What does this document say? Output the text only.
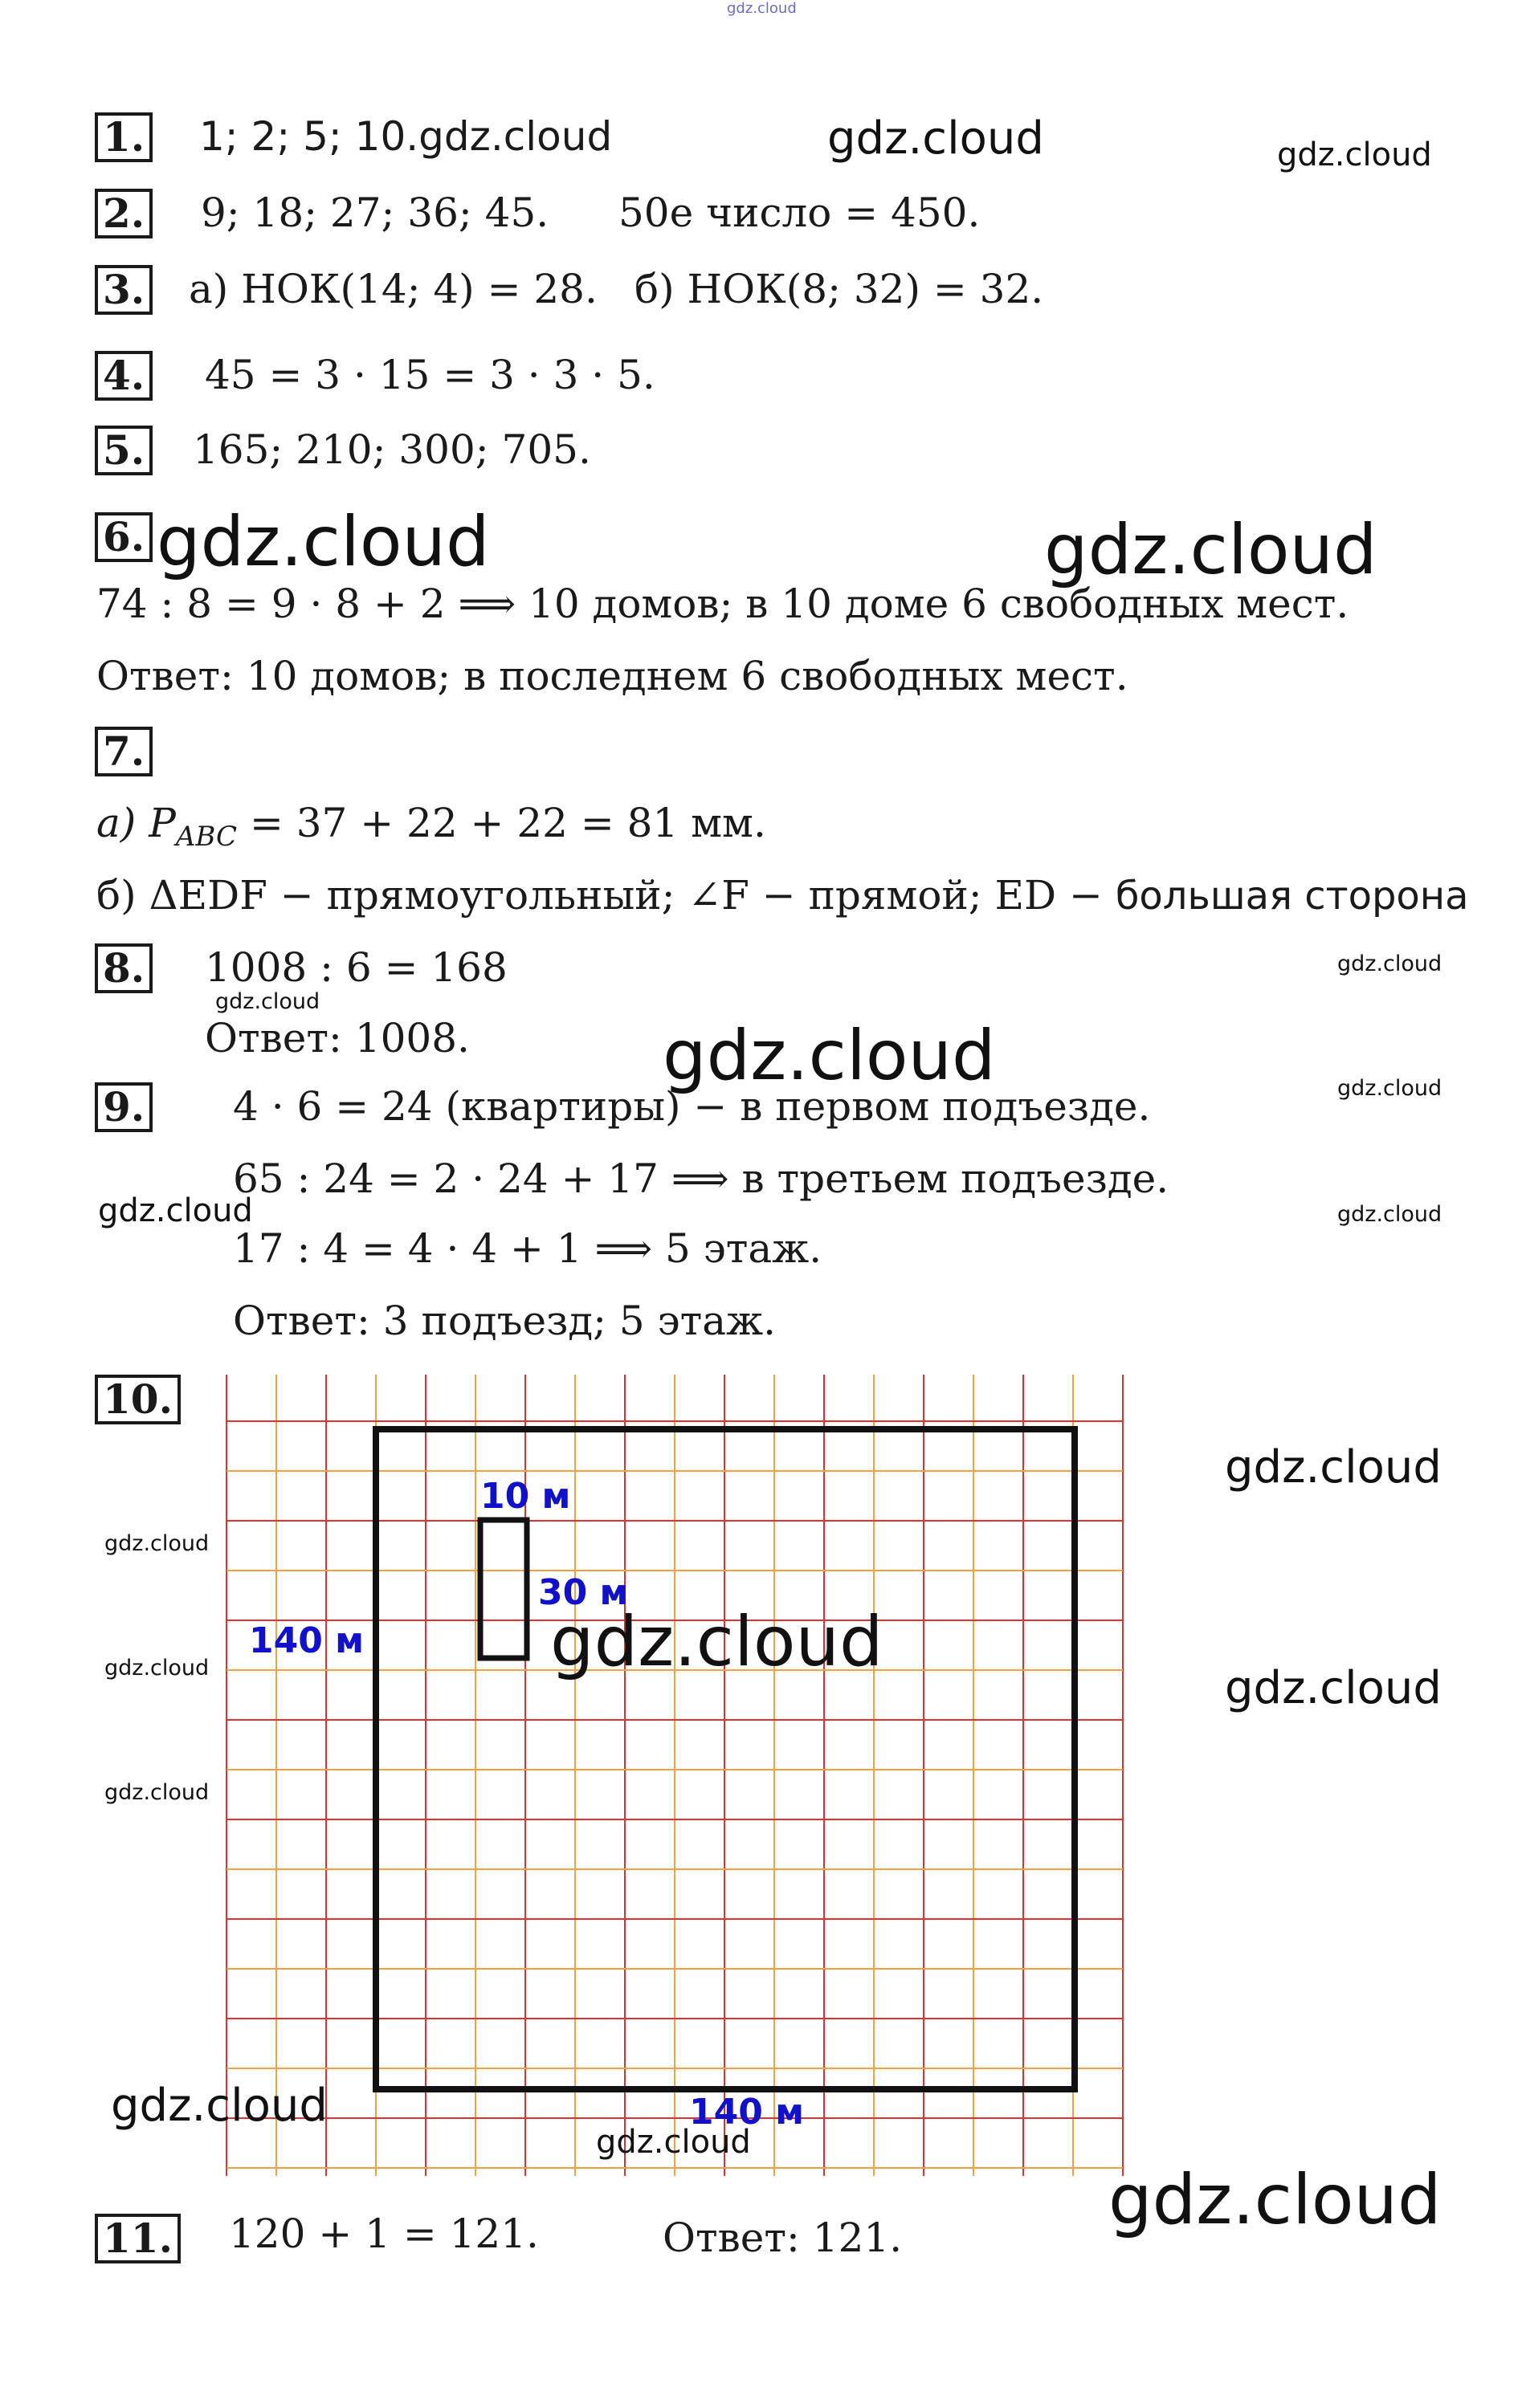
gdz.cloud
1. 1; 2; 5; 10.gdz.cloud	gdz.cloud	gdz.cloud
2. 9; 18; 27; 36; 45. 50е число = 450.
3. а) НОК(14; 4) = 28. б) НОК(8; 32) = 32.
4. 45 = 3 · 15 = 3 · 3 · 5.
5. 165; 210; 300; 705.
6. gdz.cloud	gdz.cloud
74 : 8 = 9 · 8 + 2 ⟹ 10 домов; в 10 доме 6 свободных мест.
Ответ: 10 домов; в последнем 6 свободных мест.
7.
а) $P_{ABC} = 37 + 22 + 22 = 81$ мм.
б) ΔEDF − прямоугольный; ∠F − прямой; ED − большая сторона
8. 1008 : 6 = 168
gdz.cloud
gdz.cloud
Ответ: 1008.	gdz.cloud
9. 4 · 6 = 24 (квартиры) − в первом подъезде.	gdz.cloud
65 : 24 = 2 · 24 + 17 ⟹ в третьем подъезде.
gdz.cloud	gdz.cloud
17 : 4 = 4 · 4 + 1 ⟹ 5 этаж.
Ответ: 3 подъезд; 5 этаж.
10.
10 м
30 м
140 м
140 м
gdz.cloud
gdz.cloud
gdz.cloud
gdz.cloud
gdz.cloud
gdz.cloud
gdz.cloud
gdz.cloud
11. 120 + 1 = 121.	Ответ: 121.	gdz.cloud
